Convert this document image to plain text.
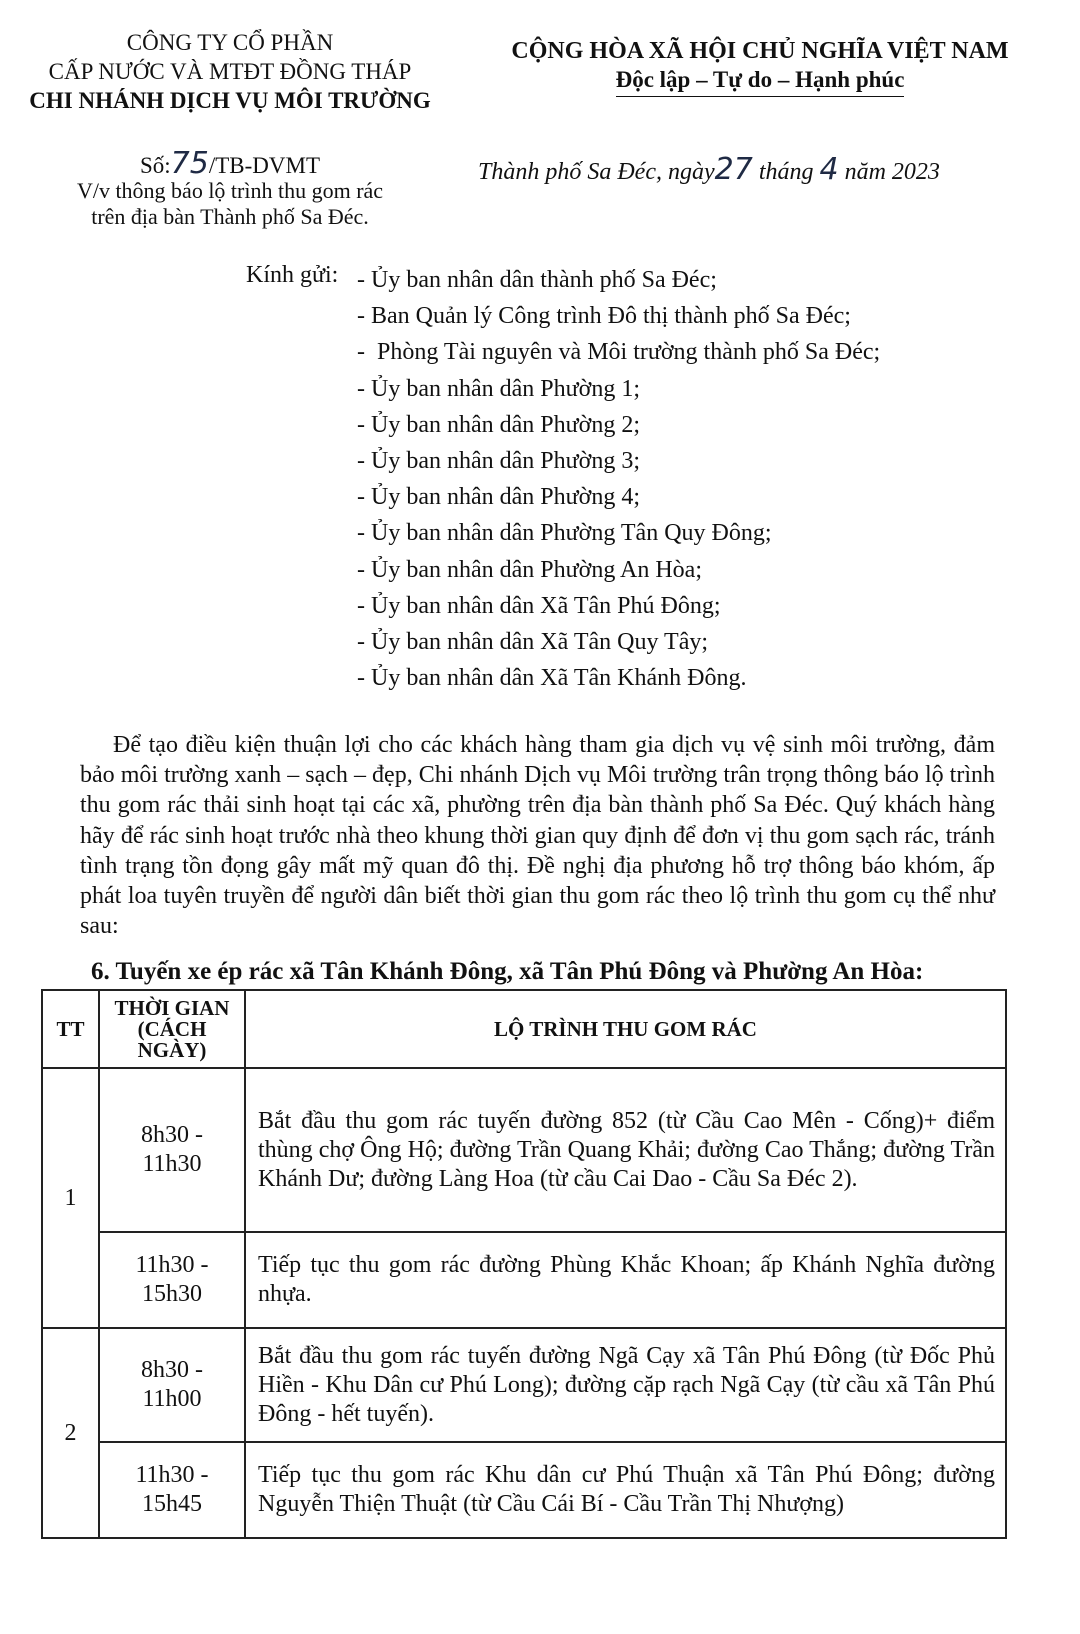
CÔNG TY CỔ PHẦN
CẤP NƯỚC VÀ MTĐT ĐỒNG THÁP
CHI NHÁNH DỊCH VỤ MÔI TRƯỜNG
CỘNG HÒA XÃ HỘI CHỦ NGHĨA VIỆT NAM
Độc lập – Tự do – Hạnh phúc
Số:75/TB-DVMT
V/v thông báo lộ trình thu gom rác
trên địa bàn Thành phố Sa Đéc.
Thành phố Sa Đéc, ngày27 tháng 4 năm 2023
Kính gửi: - Ủy ban nhân dân thành phố Sa Đéc;
- Ban Quản lý Công trình Đô thị thành phố Sa Đéc;
-  Phòng Tài nguyên và Môi trường thành phố Sa Đéc;
- Ủy ban nhân dân Phường 1;
- Ủy ban nhân dân Phường 2;
- Ủy ban nhân dân Phường 3;
- Ủy ban nhân dân Phường 4;
- Ủy ban nhân dân Phường Tân Quy Đông;
- Ủy ban nhân dân Phường An Hòa;
- Ủy ban nhân dân Xã Tân Phú Đông;
- Ủy ban nhân dân Xã Tân Quy Tây;
- Ủy ban nhân dân Xã Tân Khánh Đông.
Để tạo điều kiện thuận lợi cho các khách hàng tham gia dịch vụ vệ sinh môi trường, đảm bảo môi trường xanh – sạch – đẹp, Chi nhánh Dịch vụ Môi trường trân trọng thông báo lộ trình thu gom rác thải sinh hoạt tại các xã, phường trên địa bàn thành phố Sa Đéc. Quý khách hàng hãy để rác sinh hoạt trước nhà theo khung thời gian quy định để đơn vị thu gom sạch rác, tránh tình trạng tồn đọng gây mất mỹ quan đô thị. Đề nghị địa phương hỗ trợ thông báo khóm, ấp phát loa tuyên truyền để người dân biết thời gian thu gom rác theo lộ trình thu gom cụ thể như sau:
6. Tuyến xe ép rác xã Tân Khánh Đông, xã Tân Phú Đông và Phường An Hòa:
TT	THỜI GIAN
(CÁCH
NGÀY)	LỘ TRÌNH THU GOM RÁC
1	8h30 -
11h30	Bắt đầu thu gom rác tuyến đường 852 (từ Cầu Cao Mên - Cống)+ điểm thùng chợ Ông Hộ; đường Trần Quang Khải; đường Cao Thắng; đường Trần Khánh Dư; đường Làng Hoa (từ cầu Cai Dao - Cầu Sa Đéc 2).

	11h30 -
15h30	Tiếp tục thu gom rác đường Phùng Khắc Khoan; ấp Khánh Nghĩa đường nhựa.
2	8h30 -
11h00	Bắt đầu thu gom rác tuyến đường Ngã Cạy xã Tân Phú Đông (từ Đốc Phủ Hiền - Khu Dân cư Phú Long); đường cặp rạch Ngã Cạy (từ cầu xã Tân Phú Đông - hết tuyến).

	11h30 -
15h45	Tiếp tục thu gom rác Khu dân cư Phú Thuận xã Tân Phú Đông; đường Nguyễn Thiện Thuật (từ Cầu Cái Bí - Cầu Trần Thị Nhượng)
